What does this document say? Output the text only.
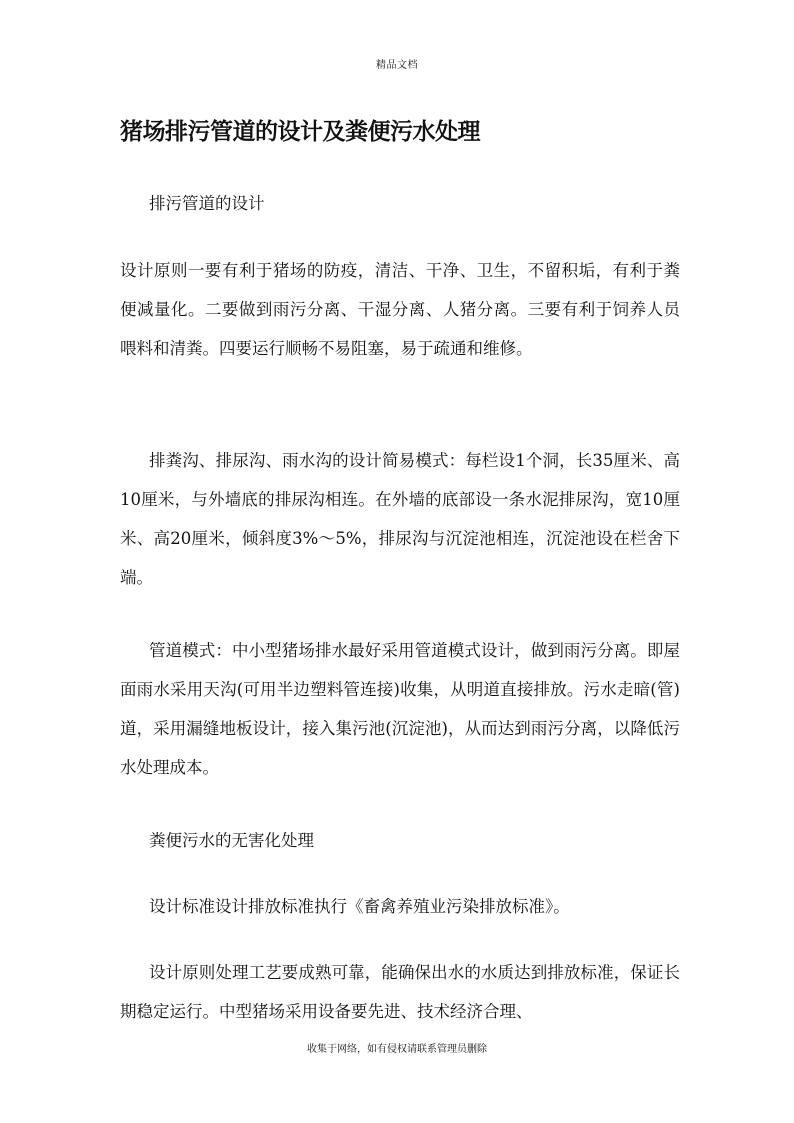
精品文档
猪场排污管道的设计及粪便污水处理

排污管道的设计

设计原则一要有利于猪场的防疫，清洁、干净、卫生，不留积垢，有利于粪便减量化。二要做到雨污分离、干湿分离、人猪分离。三要有利于饲养人员喂料和清粪。四要运行顺畅不易阻塞，易于疏通和维修。

排粪沟、排尿沟、雨水沟的设计简易模式：每栏设1个洞，长35厘米、高10厘米，与外墙底的排尿沟相连。在外墙的底部设一条水泥排尿沟，宽10厘米、高20厘米，倾斜度3%～5%，排尿沟与沉淀池相连，沉淀池设在栏舍下端。

管道模式：中小型猪场排水最好采用管道模式设计，做到雨污分离。即屋面雨水采用天沟(可用半边塑料管连接)收集，从明道直接排放。污水走暗(管)道，采用漏缝地板设计，接入集污池(沉淀池)，从而达到雨污分离，以降低污水处理成本。

粪便污水的无害化处理

设计标准设计排放标准执行《畜禽养殖业污染排放标准》。

设计原则处理工艺要成熟可靠，能确保出水的水质达到排放标准，保证长期稳定运行。中型猪场采用设备要先进、技术经济合理、

收集于网络，如有侵权请联系管理员删除
